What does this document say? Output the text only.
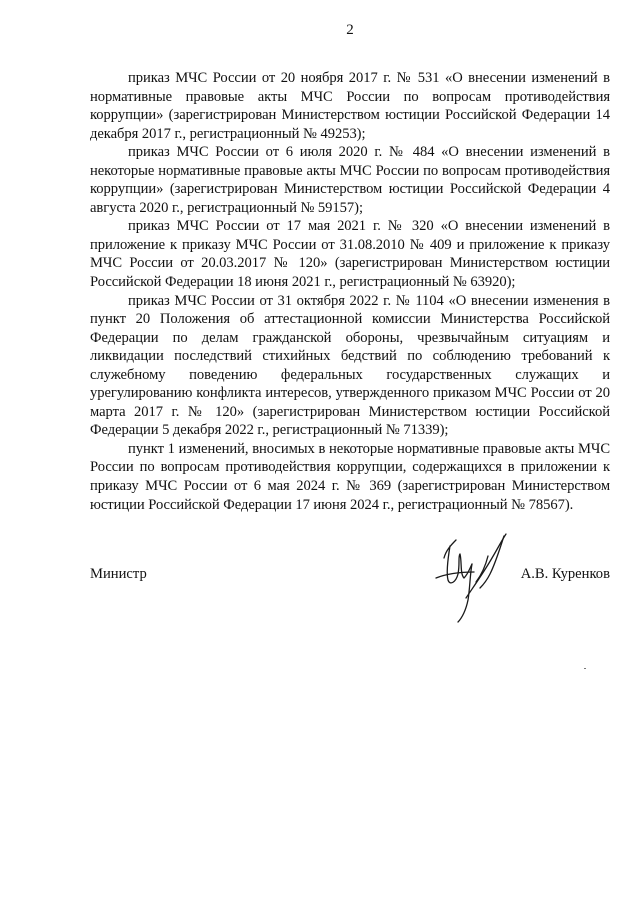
2

приказ МЧС России от 20 ноября 2017 г. № 531 «О внесении изменений в нормативные правовые акты МЧС России по вопросам противодействия коррупции» (зарегистрирован Министерством юстиции Российской Федерации 14 декабря 2017 г., регистрационный № 49253);

приказ МЧС России от 6 июля 2020 г. № 484 «О внесении изменений в некоторые нормативные правовые акты МЧС России по вопросам противодействия коррупции» (зарегистрирован Министерством юстиции Российской Федерации 4 августа 2020 г., регистрационный № 59157);

приказ МЧС России от 17 мая 2021 г. № 320 «О внесении изменений в приложение к приказу МЧС России от 31.08.2010 № 409 и приложение к приказу МЧС России от 20.03.2017 № 120» (зарегистрирован Министерством юстиции Российской Федерации 18 июня 2021 г., регистрационный № 63920);

приказ МЧС России от 31 октября 2022 г. № 1104 «О внесении изменения в пункт 20 Положения об аттестационной комиссии Министерства Российской Федерации по делам гражданской обороны, чрезвычайным ситуациям и ликвидации последствий стихийных бедствий по соблюдению требований к служебному поведению федеральных государственных служащих и урегулированию конфликта интересов, утвержденного приказом МЧС России от 20 марта 2017 г. № 120» (зарегистрирован Министерством юстиции Российской Федерации 5 декабря 2022 г., регистрационный № 71339);

пункт 1 изменений, вносимых в некоторые нормативные правовые акты МЧС России по вопросам противодействия коррупции, содержащихся в приложении к приказу МЧС России от 6 мая 2024 г. № 369 (зарегистрирован Министерством юстиции Российской Федерации 17 июня 2024 г., регистрационный № 78567).

Министр	А.В. Куренков
